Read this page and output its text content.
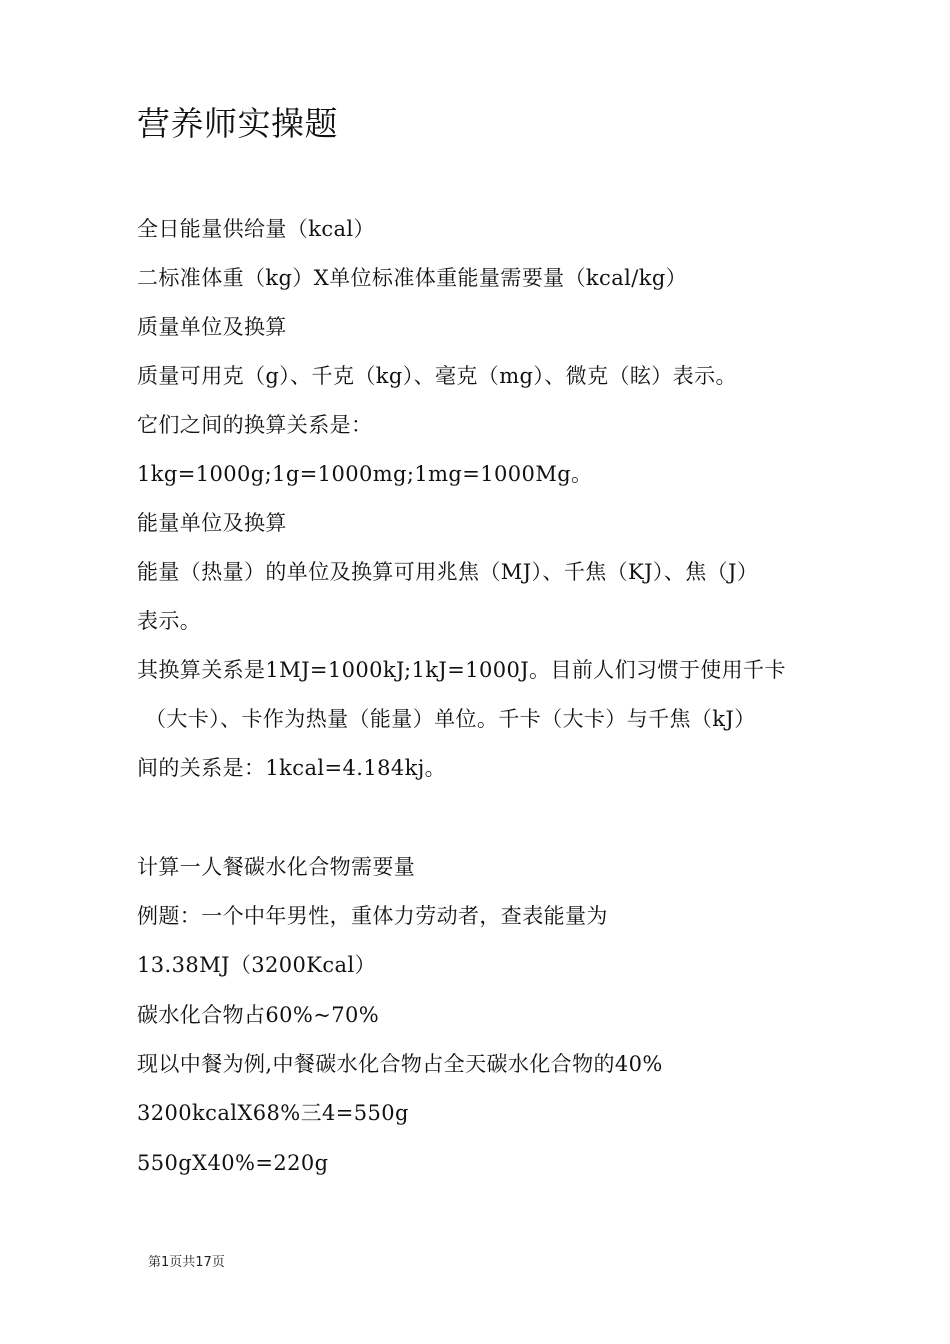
营养师实操题
全日能量供给量（kcal）
二标准体重（kg）X单位标准体重能量需要量（kcal/kg）
质量单位及换算
质量可用克（g）、千克（kg）、毫克（mg）、微克（眩）表示。
它们之间的换算关系是：
1kg=1000g;1g=1000mg;1mg=1000Mg。
能量单位及换算
能量（热量）的单位及换算可用兆焦（MJ）、千焦（KJ）、焦（J）
表示。
其换算关系是1MJ=1000kJ;1kJ=1000J。目前人们习惯于使用千卡
（大卡）、卡作为热量（能量）单位。千卡（大卡）与千焦（kJ）
间的关系是：1kcal=4.184kj。
计算一人餐碳水化合物需要量
例题：一个中年男性，重体力劳动者，查表能量为
13.38MJ（3200Kcal）
碳水化合物占60%~70%
现以中餐为例,中餐碳水化合物占全天碳水化合物的40%
3200kcalX68%三4=550g
550gX40%=220g
第1页共17页
